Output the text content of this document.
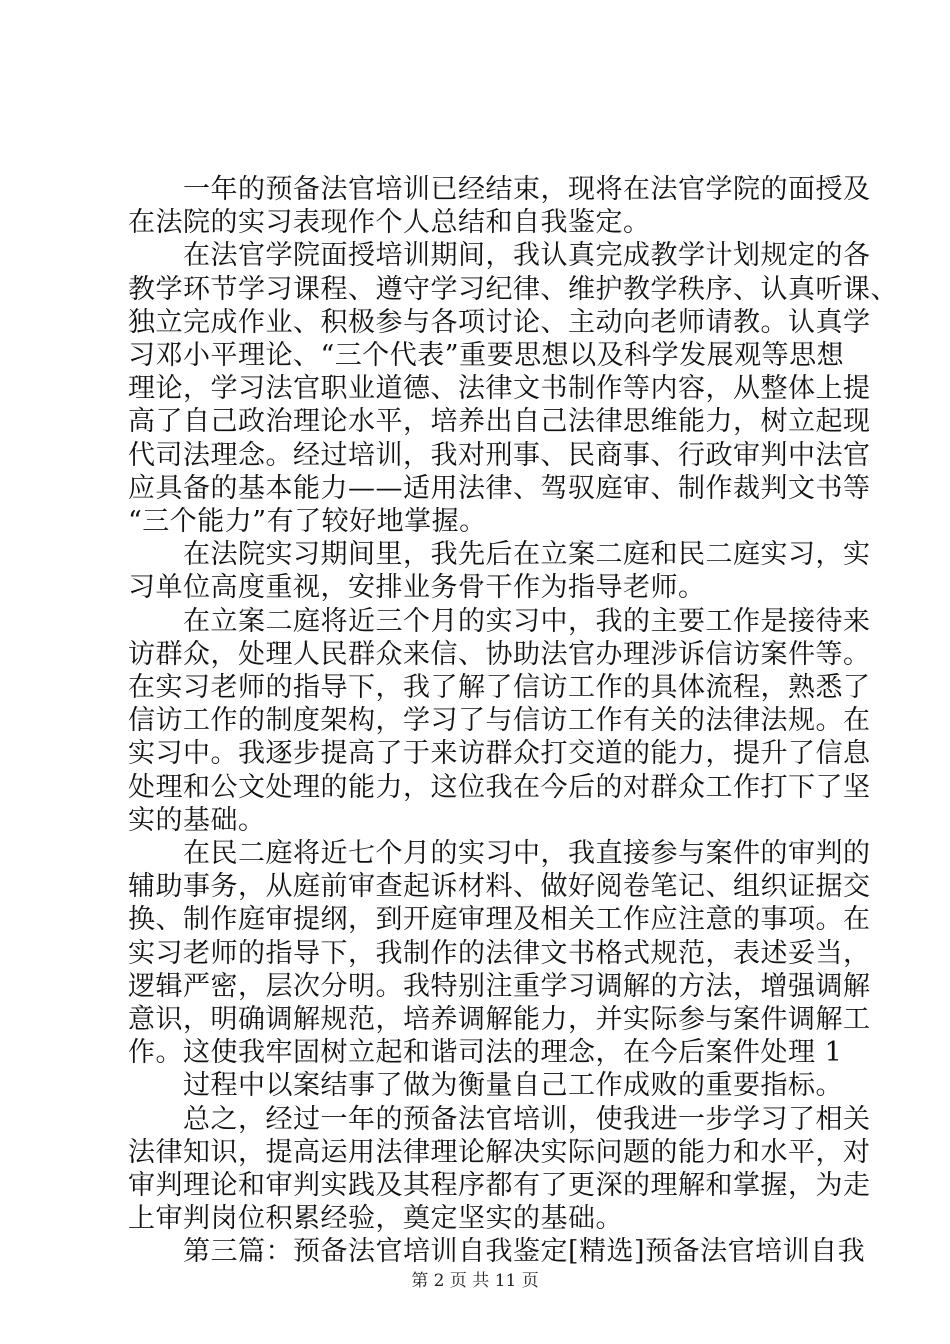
一年的预备法官培训已经结束，现将在法官学院的面授及
在法院的实习表现作个人总结和自我鉴定。
在法官学院面授培训期间，我认真完成教学计划规定的各
教学环节学习课程、遵守学习纪律、维护教学秩序、认真听课、
独立完成作业、积极参与各项讨论、主动向老师请教。认真学
习邓小平理论、“三个代表”重要思想以及科学发展观等思想
理论，学习法官职业道德、法律文书制作等内容，从整体上提
高了自己政治理论水平，培养出自己法律思维能力，树立起现
代司法理念。经过培训，我对刑事、民商事、行政审判中法官
应具备的基本能力——适用法律、驾驭庭审、制作裁判文书等
“三个能力”有了较好地掌握。
在法院实习期间里，我先后在立案二庭和民二庭实习，实
习单位高度重视，安排业务骨干作为指导老师。
在立案二庭将近三个月的实习中，我的主要工作是接待来
访群众，处理人民群众来信、协助法官办理涉诉信访案件等。
在实习老师的指导下，我了解了信访工作的具体流程，熟悉了
信访工作的制度架构，学习了与信访工作有关的法律法规。在
实习中。我逐步提高了于来访群众打交道的能力，提升了信息
处理和公文处理的能力，这位我在今后的对群众工作打下了坚
实的基础。
在民二庭将近七个月的实习中，我直接参与案件的审判的
辅助事务，从庭前审查起诉材料、做好阅卷笔记、组织证据交
换、制作庭审提纲，到开庭审理及相关工作应注意的事项。在
实习老师的指导下，我制作的法律文书格式规范，表述妥当，
逻辑严密，层次分明。我特别注重学习调解的方法，增强调解
意识，明确调解规范，培养调解能力，并实际参与案件调解工
作。这使我牢固树立起和谐司法的理念，在今后案件处理 1
过程中以案结事了做为衡量自己工作成败的重要指标。
总之，经过一年的预备法官培训，使我进一步学习了相关
法律知识，提高运用法律理论解决实际问题的能力和水平，对
审判理论和审判实践及其程序都有了更深的理解和掌握，为走
上审判岗位积累经验，奠定坚实的基础。
第三篇：预备法官培训自我鉴定[精选]预备法官培训自我
第 2 页 共 11 页
